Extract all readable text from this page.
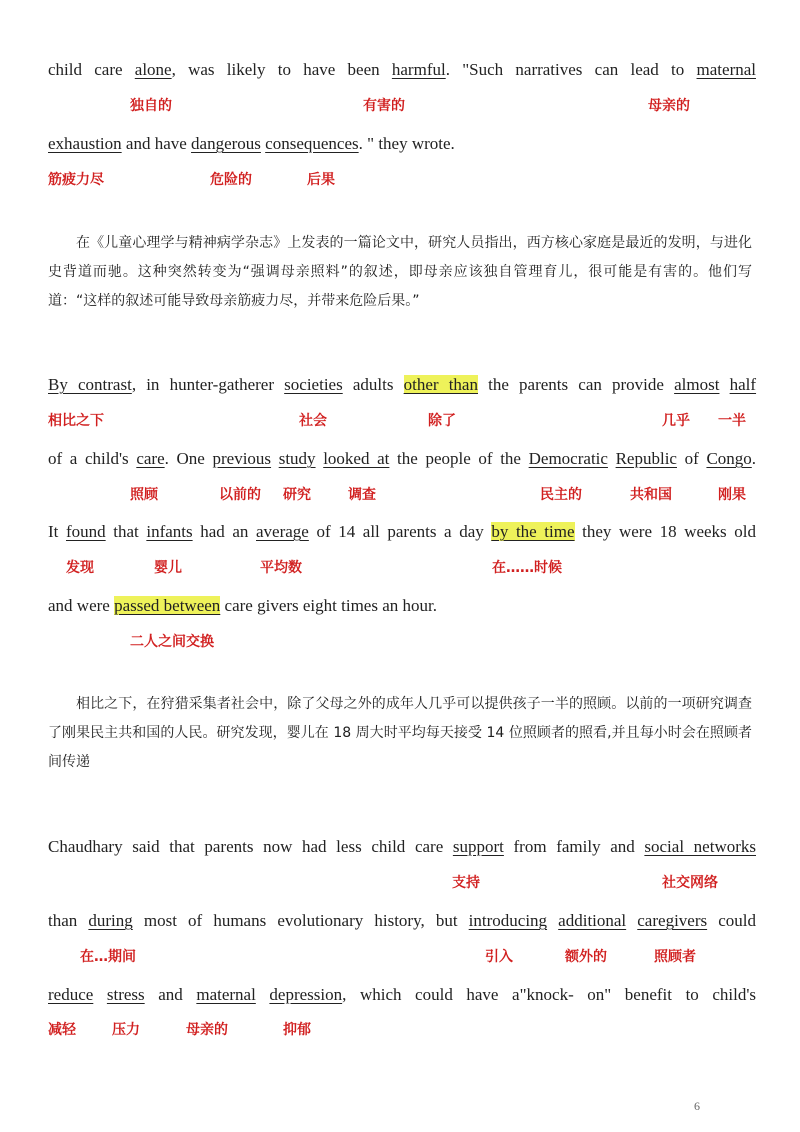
child care alone, was likely to have been harmful. "Such narratives can lead to maternal
独自的	有害的	母亲的
exhaustion and have dangerous consequences. " they wrote.
筋疲力尽	危险的	后果

在《儿童心理学与精神病学杂志》上发表的一篇论文中，研究人员指出，西方核心家庭是最近的发明，与进化史背道而驰。这种突然转变为“强调母亲照料”的叙述，即母亲应该独自管理育儿，很可能是有害的。他们写道：“这样的叙述可能导致母亲筋疲力尽，并带来危险后果。”

By contrast, in hunter-gatherer societies adults other than the parents can provide almost half
相比之下	社会	除了	几乎 一半
of a child's care. One previous study looked at the people of the Democratic Republic of Congo.
照顾	以前的 研究	调查	民主的	共和国	刚果
It found that infants had an average of 14 all parents a day by the time they were 18 weeks old
发现	婴儿	平均数	在……时候
and were passed between care givers eight times an hour.
二人之间交换

相比之下，在狩猎采集者社会中，除了父母之外的成年人几乎可以提供孩子一半的照顾。以前的一项研究调查了刚果民主共和国的人民。研究发现，婴儿在 18 周大时平均每天接受 14 位照顾者的照看,并且每小时会在照顾者间传递

Chaudhary said that parents now had less child care support from family and social networks
支持	社交网络
than during most of humans evolutionary history, but introducing additional caregivers could
在…期间	引入	额外的	照顾者
reduce stress and maternal depression, which could have a"knock- on" benefit to child's
减轻	压力	母亲的	抑郁
6
